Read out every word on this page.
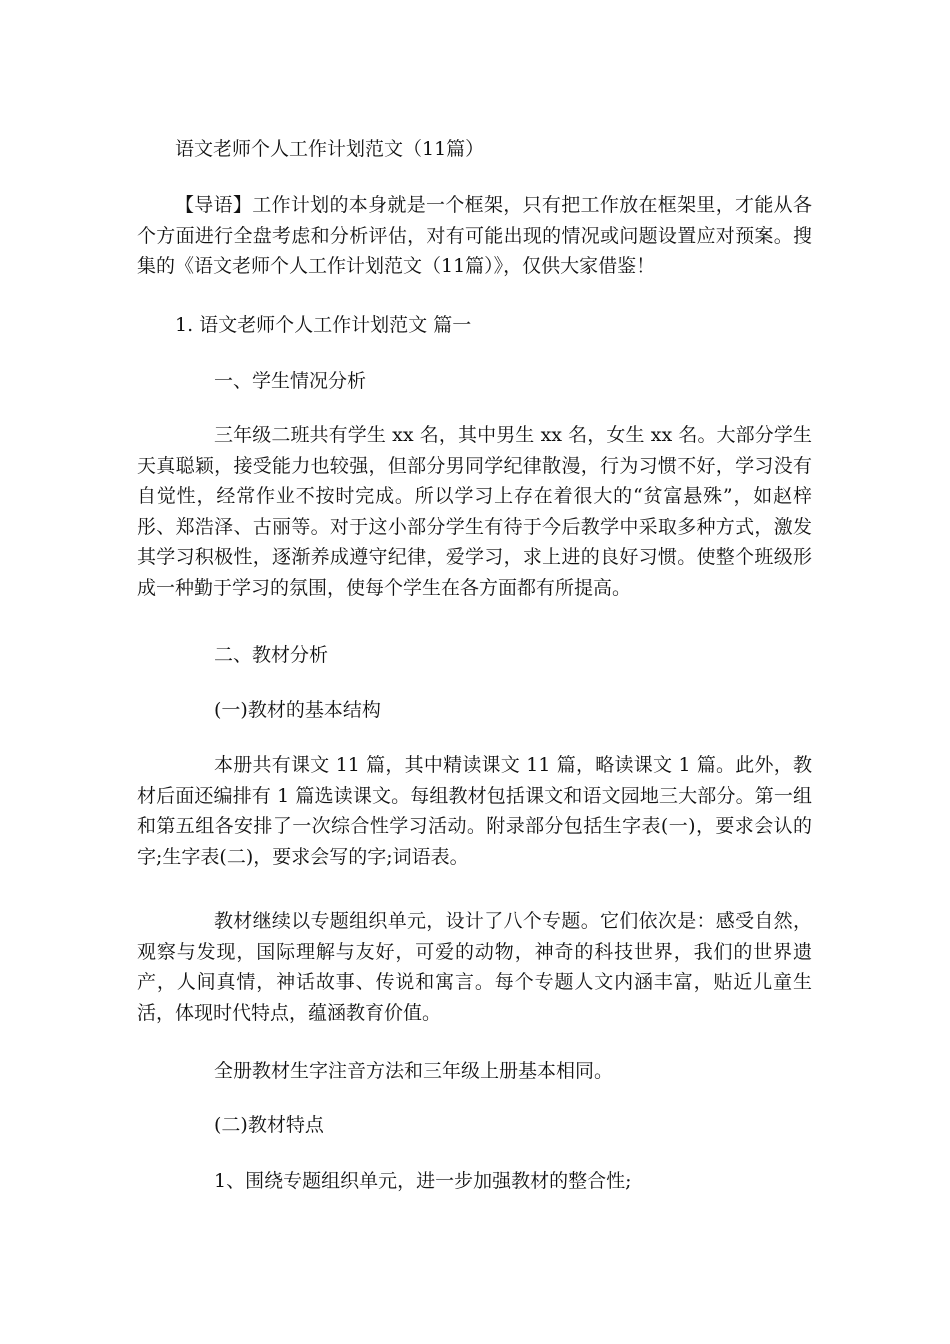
语文老师个人工作计划范文（11篇）

【导语】工作计划的本身就是一个框架，只有把工作放在框架里，才能从各个方面进行全盘考虑和分析评估，对有可能出现的情况或问题设置应对预案。搜集的《语文老师个人工作计划范文（11篇）》，仅供大家借鉴！

1. 语文老师个人工作计划范文 篇一
一、学生情况分析

三年级二班共有学生 xx 名，其中男生 xx 名，女生 xx 名。大部分学生天真聪颖，接受能力也较强，但部分男同学纪律散漫，行为习惯不好，学习没有自觉性，经常作业不按时完成。所以学习上存在着很大的“贫富悬殊”，如赵梓彤、郑浩泽、古丽等。对于这小部分学生有待于今后教学中采取多种方式，激发其学习积极性，逐渐养成遵守纪律，爱学习，求上进的良好习惯。使整个班级形成一种勤于学习的氛围，使每个学生在各方面都有所提高。

二、教材分析
(一)教材的基本结构

本册共有课文 11 篇，其中精读课文 11 篇，略读课文 1 篇。此外，教材后面还编排有 1 篇选读课文。每组教材包括课文和语文园地三大部分。第一组和第五组各安排了一次综合性学习活动。附录部分包括生字表(一)，要求会认的字;生字表(二)，要求会写的字;词语表。

教材继续以专题组织单元，设计了八个专题。它们依次是：感受自然，观察与发现，国际理解与友好，可爱的动物，神奇的科技世界，我们的世界遗产，人间真情，神话故事、传说和寓言。每个专题人文内涵丰富，贴近儿童生活，体现时代特点，蕴涵教育价值。

全册教材生字注音方法和三年级上册基本相同。
(二)教材特点
1、围绕专题组织单元，进一步加强教材的整合性;
